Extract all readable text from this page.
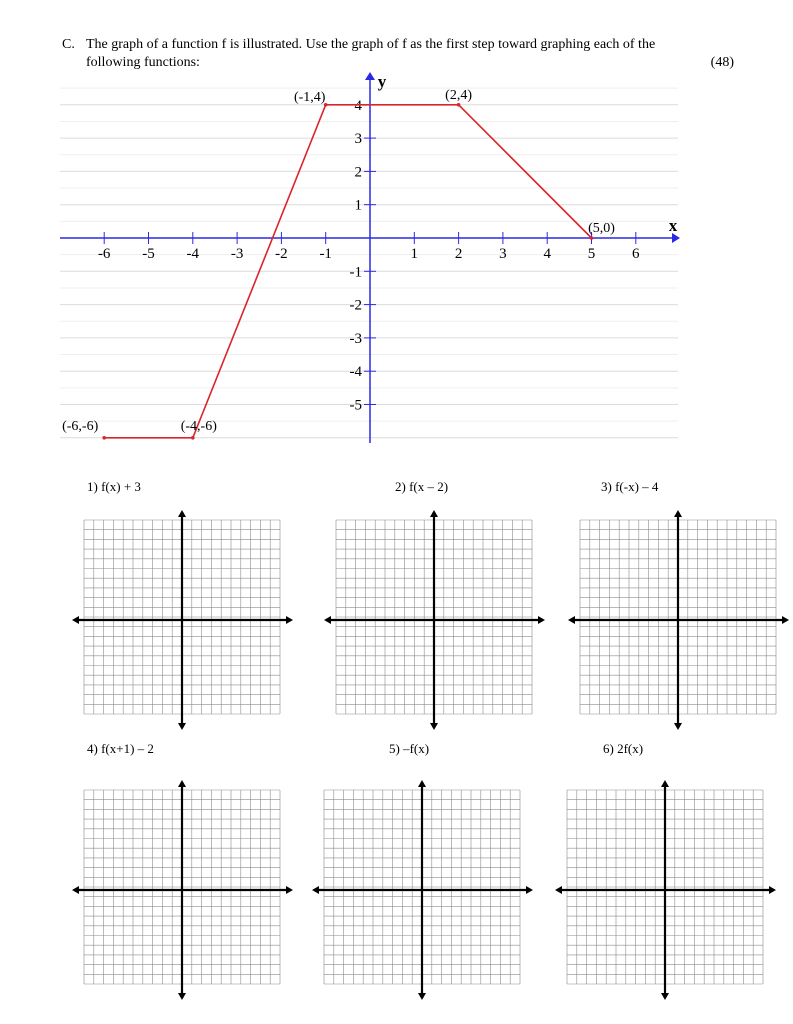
C. The graph of a function f is illustrated. Use the graph of f as the first step toward graphing each of the
following functions:	(48)
-6 -5 -4 -3 -2 -1	1 2 3 4 5 6
4
3
2
1
-1
-2
-3
-4
-5
x
y
(-6,-6)	(-4,-6)
(-1,4)	(2,4)
(5,0)
1) f(x) + 3	2) f(x – 2)	3) f(-x) – 4
4) f(x+1) – 2	5) –f(x)	6) 2f(x)
